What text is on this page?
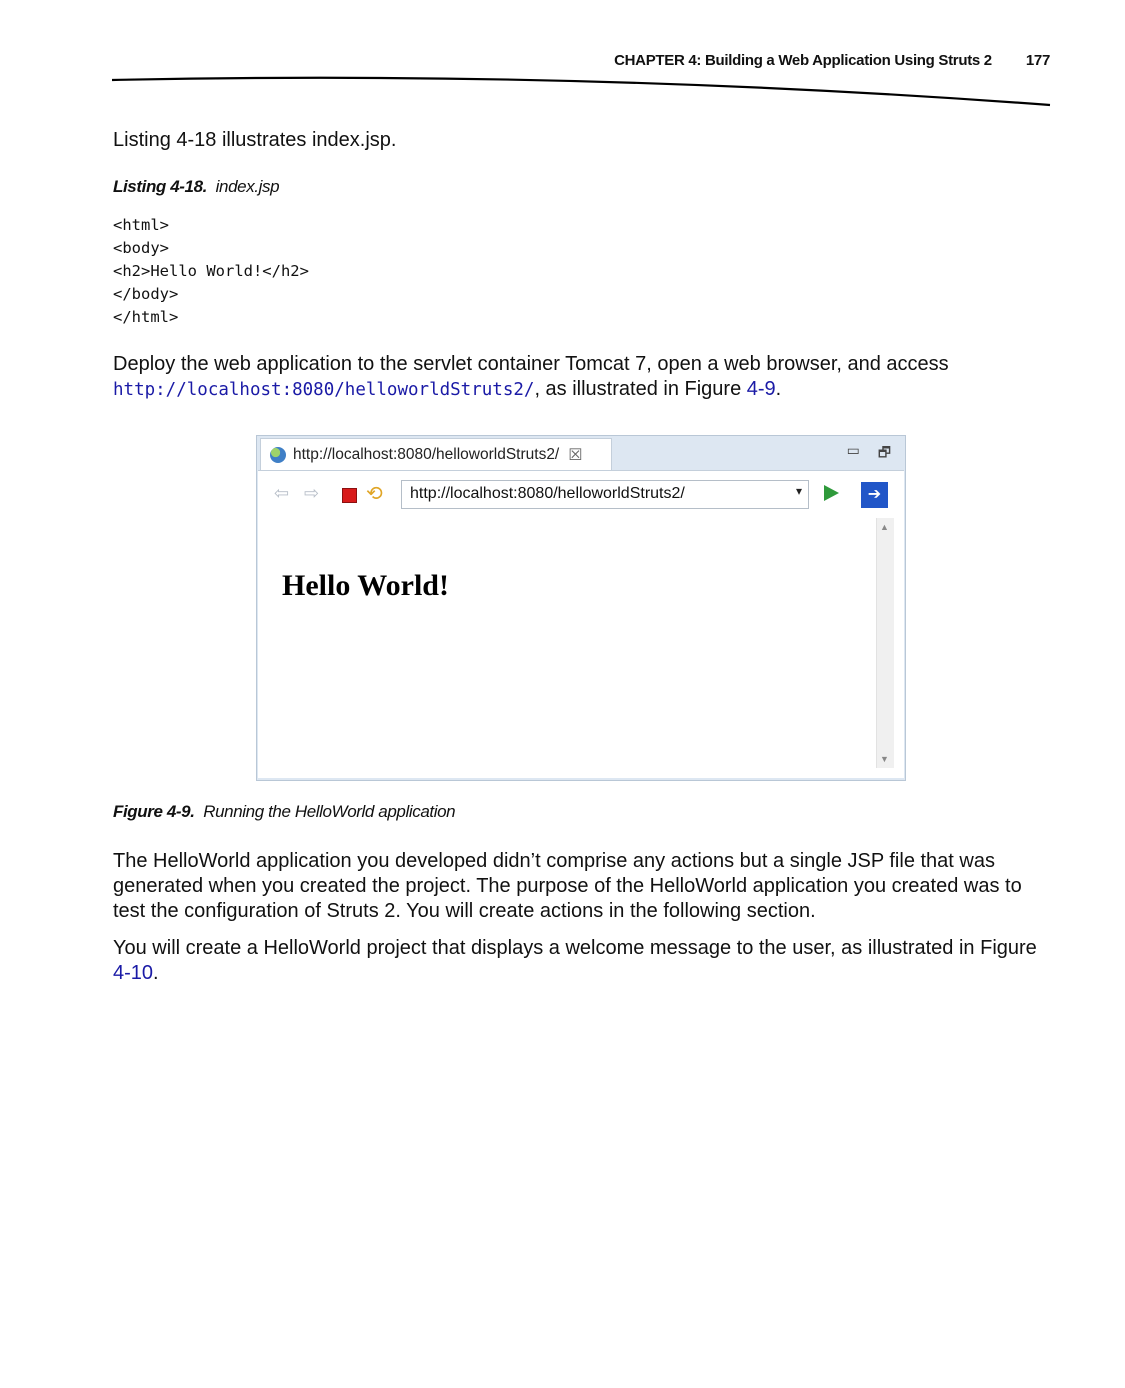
CHAPTER 4: Building a Web Application Using Struts 2 177

Listing 4-18 illustrates index.jsp.

Listing 4-18. index.jsp
<html>
<body>
<h2>Hello World!</h2>
</body>
</html>

Deploy the web application to the servlet container Tomcat 7, open a web browser, and access
http://localhost:8080/helloworldStruts2/, as illustrated in Figure 4-9.

http://localhost:8080/helloworldStruts2/ ☒	▭ 🗗
⇦ ⇨ ⟲	http://localhost:8080/helloworldStruts2/	▾	➔
Hello World!
▲
▼
Figure 4-9. Running the HelloWorld application

The HelloWorld application you developed didn’t comprise any actions but a single JSP file that was generated when you created the project. The purpose of the HelloWorld application you created was to test the configuration of Struts 2. You will create actions in the following section.

You will create a HelloWorld project that displays a welcome message to the user, as illustrated in Figure 4-10.
